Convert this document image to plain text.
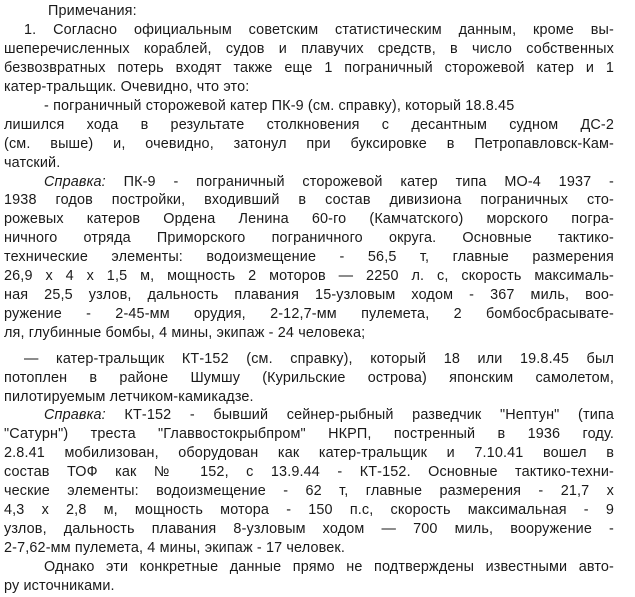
Примечания:
1. Согласно официальным советским статистическим данным, кроме вы-
шеперечисленных кораблей, судов и плавучих средств, в число собственных
безвозвратных потерь входят также еще 1 пограничный сторожевой катер и 1
катер-тральщик. Очевидно, что это:
- пограничный сторожевой катер ПК-9 (см. справку), который 18.8.45
лишился хода в результате столкновения с десантным судном ДС-2
(см. выше) и, очевидно, затонул при буксировке в Петропавловск-Кам-
чатский.
Справка: ПК-9 - пограничный сторожевой катер типа МО-4 1937 -
1938 годов постройки, входивший в состав дивизиона пограничных сто-
рожевых катеров Ордена Ленина 60-го (Камчатского) морского погра-
ничного отряда Приморского пограничного округа. Основные тактико-
технические элементы: водоизмещение - 56,5 т, главные размерения
26,9 х 4 х 1,5 м, мощность 2 моторов — 2250 л. с, скорость максималь-
ная 25,5 узлов, дальность плавания 15-узловым ходом - 367 миль, воо-
ружение - 2-45-мм орудия, 2-12,7-мм пулемета, 2 бомбосбрасывате-
ля, глубинные бомбы, 4 мины, экипаж - 24 человека;
— катер-тральщик КТ-152 (см. справку), который 18 или 19.8.45 был
потоплен в районе Шумшу (Курильские острова) японским самолетом,
пилотируемым летчиком-камикадзе.
Справка: КТ-152 - бывший сейнер-рыбный разведчик "Нептун" (типа
"Сатурн") треста "Главвостокрыбпром" НКРП, постренный в 1936 году.
2.8.41 мобилизован, оборудован как катер-тральщик и 7.10.41 вошел в
состав ТОФ как № 152, с 13.9.44 - КТ-152. Основные тактико-техни-
ческие элементы: водоизмещение - 62 т, главные размерения - 21,7 х
4,3 х 2,8 м, мощность мотора - 150 п.с, скорость максимальная - 9
узлов, дальность плавания 8-узловым ходом — 700 миль, вооружение -
2-7,62-мм пулемета, 4 мины, экипаж - 17 человек.
Однако эти конкретные данные прямо не подтверждены известными авто-
ру источниками.
